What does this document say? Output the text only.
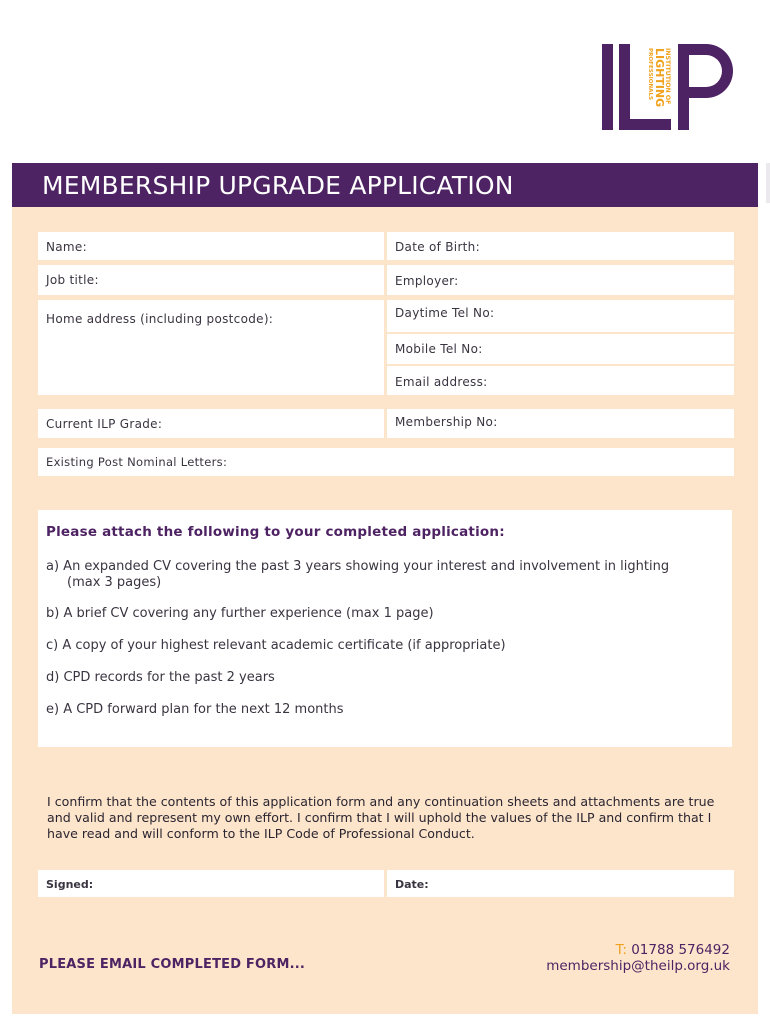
INSTITUTION OF
LIGHTING
PROFESSIONALS
MEMBERSHIP UPGRADE APPLICATION
Name:	Date of Birth:
Job title:	Employer:
Home address (including postcode):	Daytime Tel No:
Mobile Tel No:
Email address:
Current ILP Grade:	Membership No:
Existing Post Nominal Letters:
Please attach the following to your completed application:
a) An expanded CV covering the past 3 years showing your interest and involvement in lighting
(max 3 pages)
b) A brief CV covering any further experience (max 1 page)
c) A copy of your highest relevant academic certificate (if appropriate)
d) CPD records for the past 2 years
e) A CPD forward plan for the next 12 months
I confirm that the contents of this application form and any continuation sheets and attachments are true and valid and represent my own effort. I confirm that I will uphold the values of the ILP and confirm that I have read and will conform to the ILP Code of Professional Conduct.
Signed:	Date:
PLEASE EMAIL COMPLETED FORM...
T: 01788 576492
membership@theilp.org.uk
